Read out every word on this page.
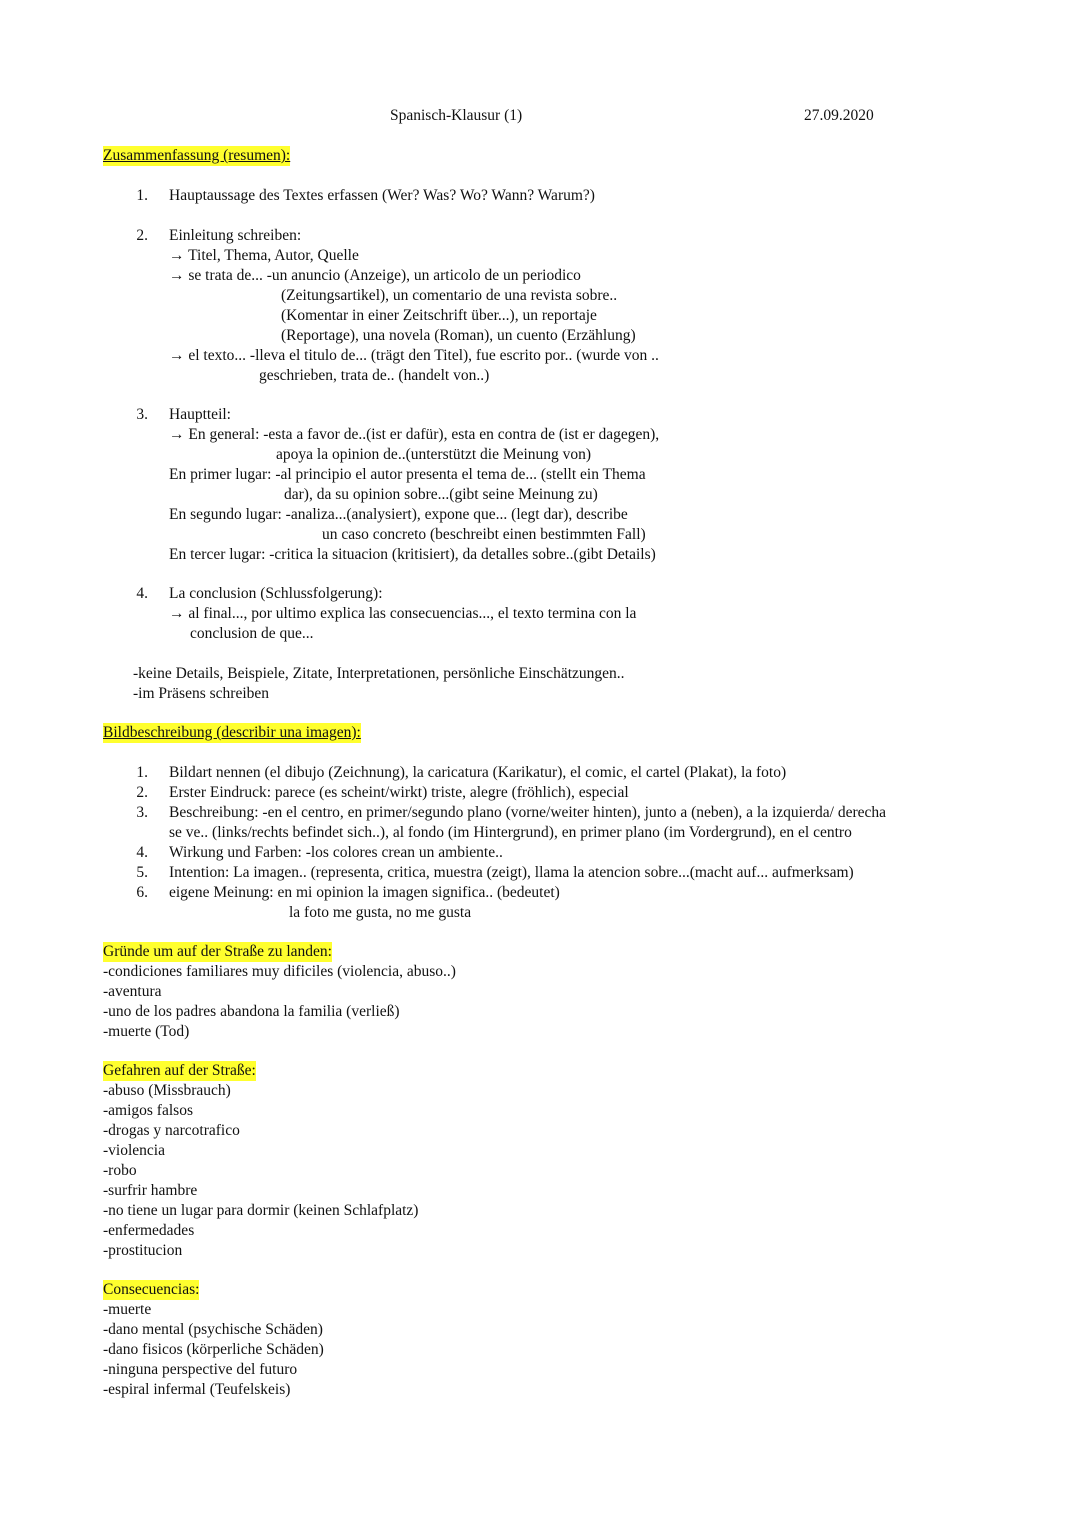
Spanisch-Klausur (1)	27.09.2020
Zusammenfassung (resumen):
1. Hauptaussage des Textes erfassen (Wer? Was? Wo? Wann? Warum?)
2. Einleitung schreiben:
→ Titel, Thema, Autor, Quelle
→ se trata de... -un anuncio (Anzeige), un articolo de un periodico
(Zeitungsartikel), un comentario de una revista sobre..
(Komentar in einer Zeitschrift über...), un reportaje
(Reportage), una novela (Roman), un cuento (Erzählung)
→ el texto... -lleva el titulo de... (trägt den Titel), fue escrito por.. (wurde von ..
geschrieben, trata de.. (handelt von..)
3. Hauptteil:
→ En general: -esta a favor de..(ist er dafür), esta en contra de (ist er dagegen),
apoya la opinion de..(unterstützt die Meinung von)
En primer lugar: -al principio el autor presenta el tema de... (stellt ein Thema
dar), da su opinion sobre...(gibt seine Meinung zu)
En segundo lugar: -analiza...(analysiert), expone que... (legt dar), describe
un caso concreto (beschreibt einen bestimmten Fall)
En tercer lugar: -critica la situacion (kritisiert), da detalles sobre..(gibt Details)
4. La conclusion (Schlussfolgerung):
→ al final..., por ultimo explica las consecuencias..., el texto termina con la
conclusion de que...
-keine Details, Beispiele, Zitate, Interpretationen, persönliche Einschätzungen..
-im Präsens schreiben
Bildbeschreibung (describir una imagen):
1. Bildart nennen (el dibujo (Zeichnung), la caricatura (Karikatur), el comic, el cartel (Plakat), la foto)
2. Erster Eindruck: parece (es scheint/wirkt) triste, alegre (fröhlich), especial
3. Beschreibung: -en el centro, en primer/segundo plano (vorne/weiter hinten), junto a (neben), a la izquierda/ derecha
se ve.. (links/rechts befindet sich..), al fondo (im Hintergrund), en primer plano (im Vordergrund), en el centro
4. Wirkung und Farben: -los colores crean un ambiente..
5. Intention: La imagen.. (representa, critica, muestra (zeigt), llama la atencion sobre...(macht auf... aufmerksam)
6. eigene Meinung: en mi opinion la imagen significa.. (bedeutet)
la foto me gusta, no me gusta
Gründe um auf der Straße zu landen:
-condiciones familiares muy dificiles (violencia, abuso..)
-aventura
-uno de los padres abandona la familia (verließ)
-muerte (Tod)
Gefahren auf der Straße:
-abuso (Missbrauch)
-amigos falsos
-drogas y narcotrafico
-violencia
-robo
-surfrir hambre
-no tiene un lugar para dormir (keinen Schlafplatz)
-enfermedades
-prostitucion
Consecuencias:
-muerte
-dano mental (psychische Schäden)
-dano fisicos (körperliche Schäden)
-ninguna perspective del futuro
-espiral infermal (Teufelskeis)
